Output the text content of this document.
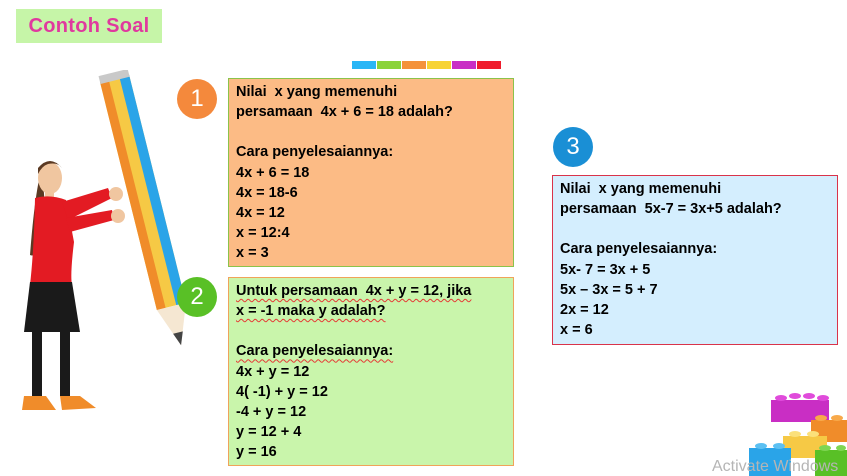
Contoh Soal
1	Nilai  x yang memenuhi

persamaan  4x + 6 = 18 adalah?

Cara penyelesaiannya:

4x + 6 = 18

4x = 18-6

4x = 12

x = 12:4

x = 3

2	Untuk persamaan  4x + y = 12, jika

x = -1 maka y adalah?

Cara penyelesaiannya:

4x + y = 12

4( -1) + y = 12

-4 + y = 12

y = 12 + 4

y = 16

3

Nilai  x yang memenuhi

persamaan  5x-7 = 3x+5 adalah?

Cara penyelesaiannya:

5x- 7 = 3x + 5

5x – 3x = 5 + 7

2x = 12

x = 6

Activate Windows
